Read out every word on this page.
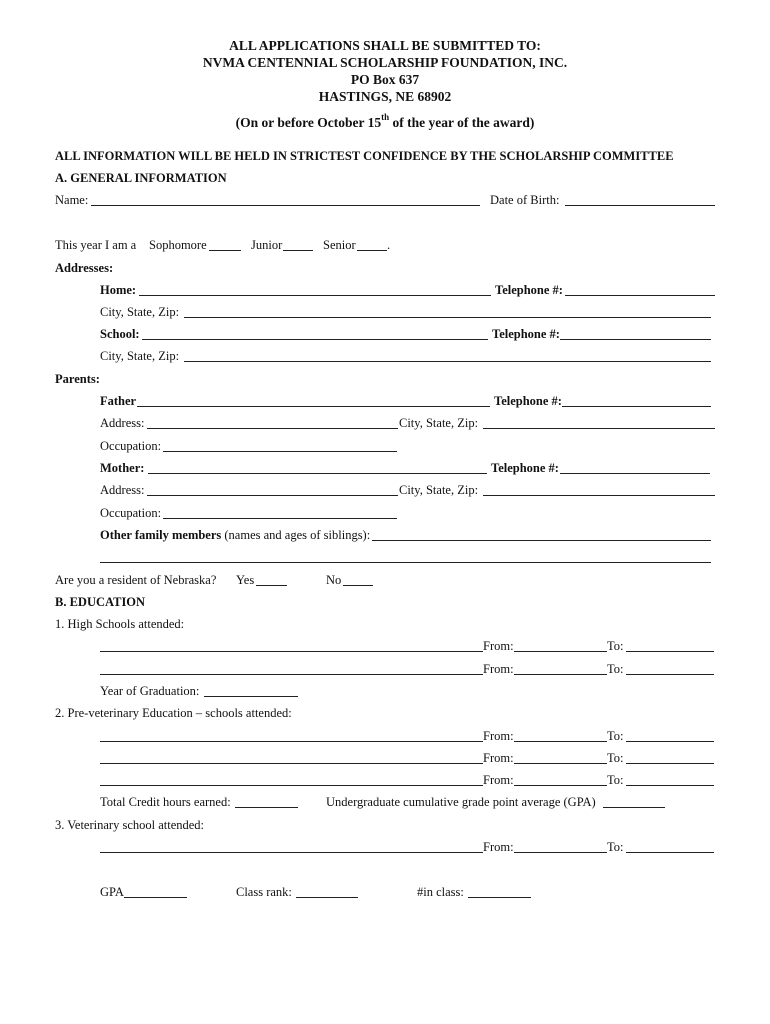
ALL APPLICATIONS SHALL BE SUBMITTED TO:
NVMA CENTENNIAL SCHOLARSHIP FOUNDATION, INC.
PO Box 637
HASTINGS, NE 68902
(On or before October 15th of the year of the award)
ALL INFORMATION WILL BE HELD IN STRICTEST CONFIDENCE BY THE SCHOLARSHIP COMMITTEE
A. GENERAL INFORMATION
Name:	Date of Birth:
This year I am a Sophomore	Junior	Senior	.
Addresses:
Home:	Telephone #:
City, State, Zip:
School:	Telephone #:
City, State, Zip:
Parents:
Father	Telephone #:
Address:	City, State, Zip:
Occupation:
Mother:	Telephone #:
Address:	City, State, Zip:
Occupation:
Other family members (names and ages of siblings):
Are you a resident of Nebraska? Yes	No
B. EDUCATION
1. High Schools attended:
From:	To:
From:	To:
Year of Graduation:
2. Pre-veterinary Education – schools attended:
From:	To:
From:	To:
From:	To:
Total Credit hours earned:	Undergraduate cumulative grade point average (GPA)
3. Veterinary school attended:
From:	To:
GPA	Class rank:	#in class:
